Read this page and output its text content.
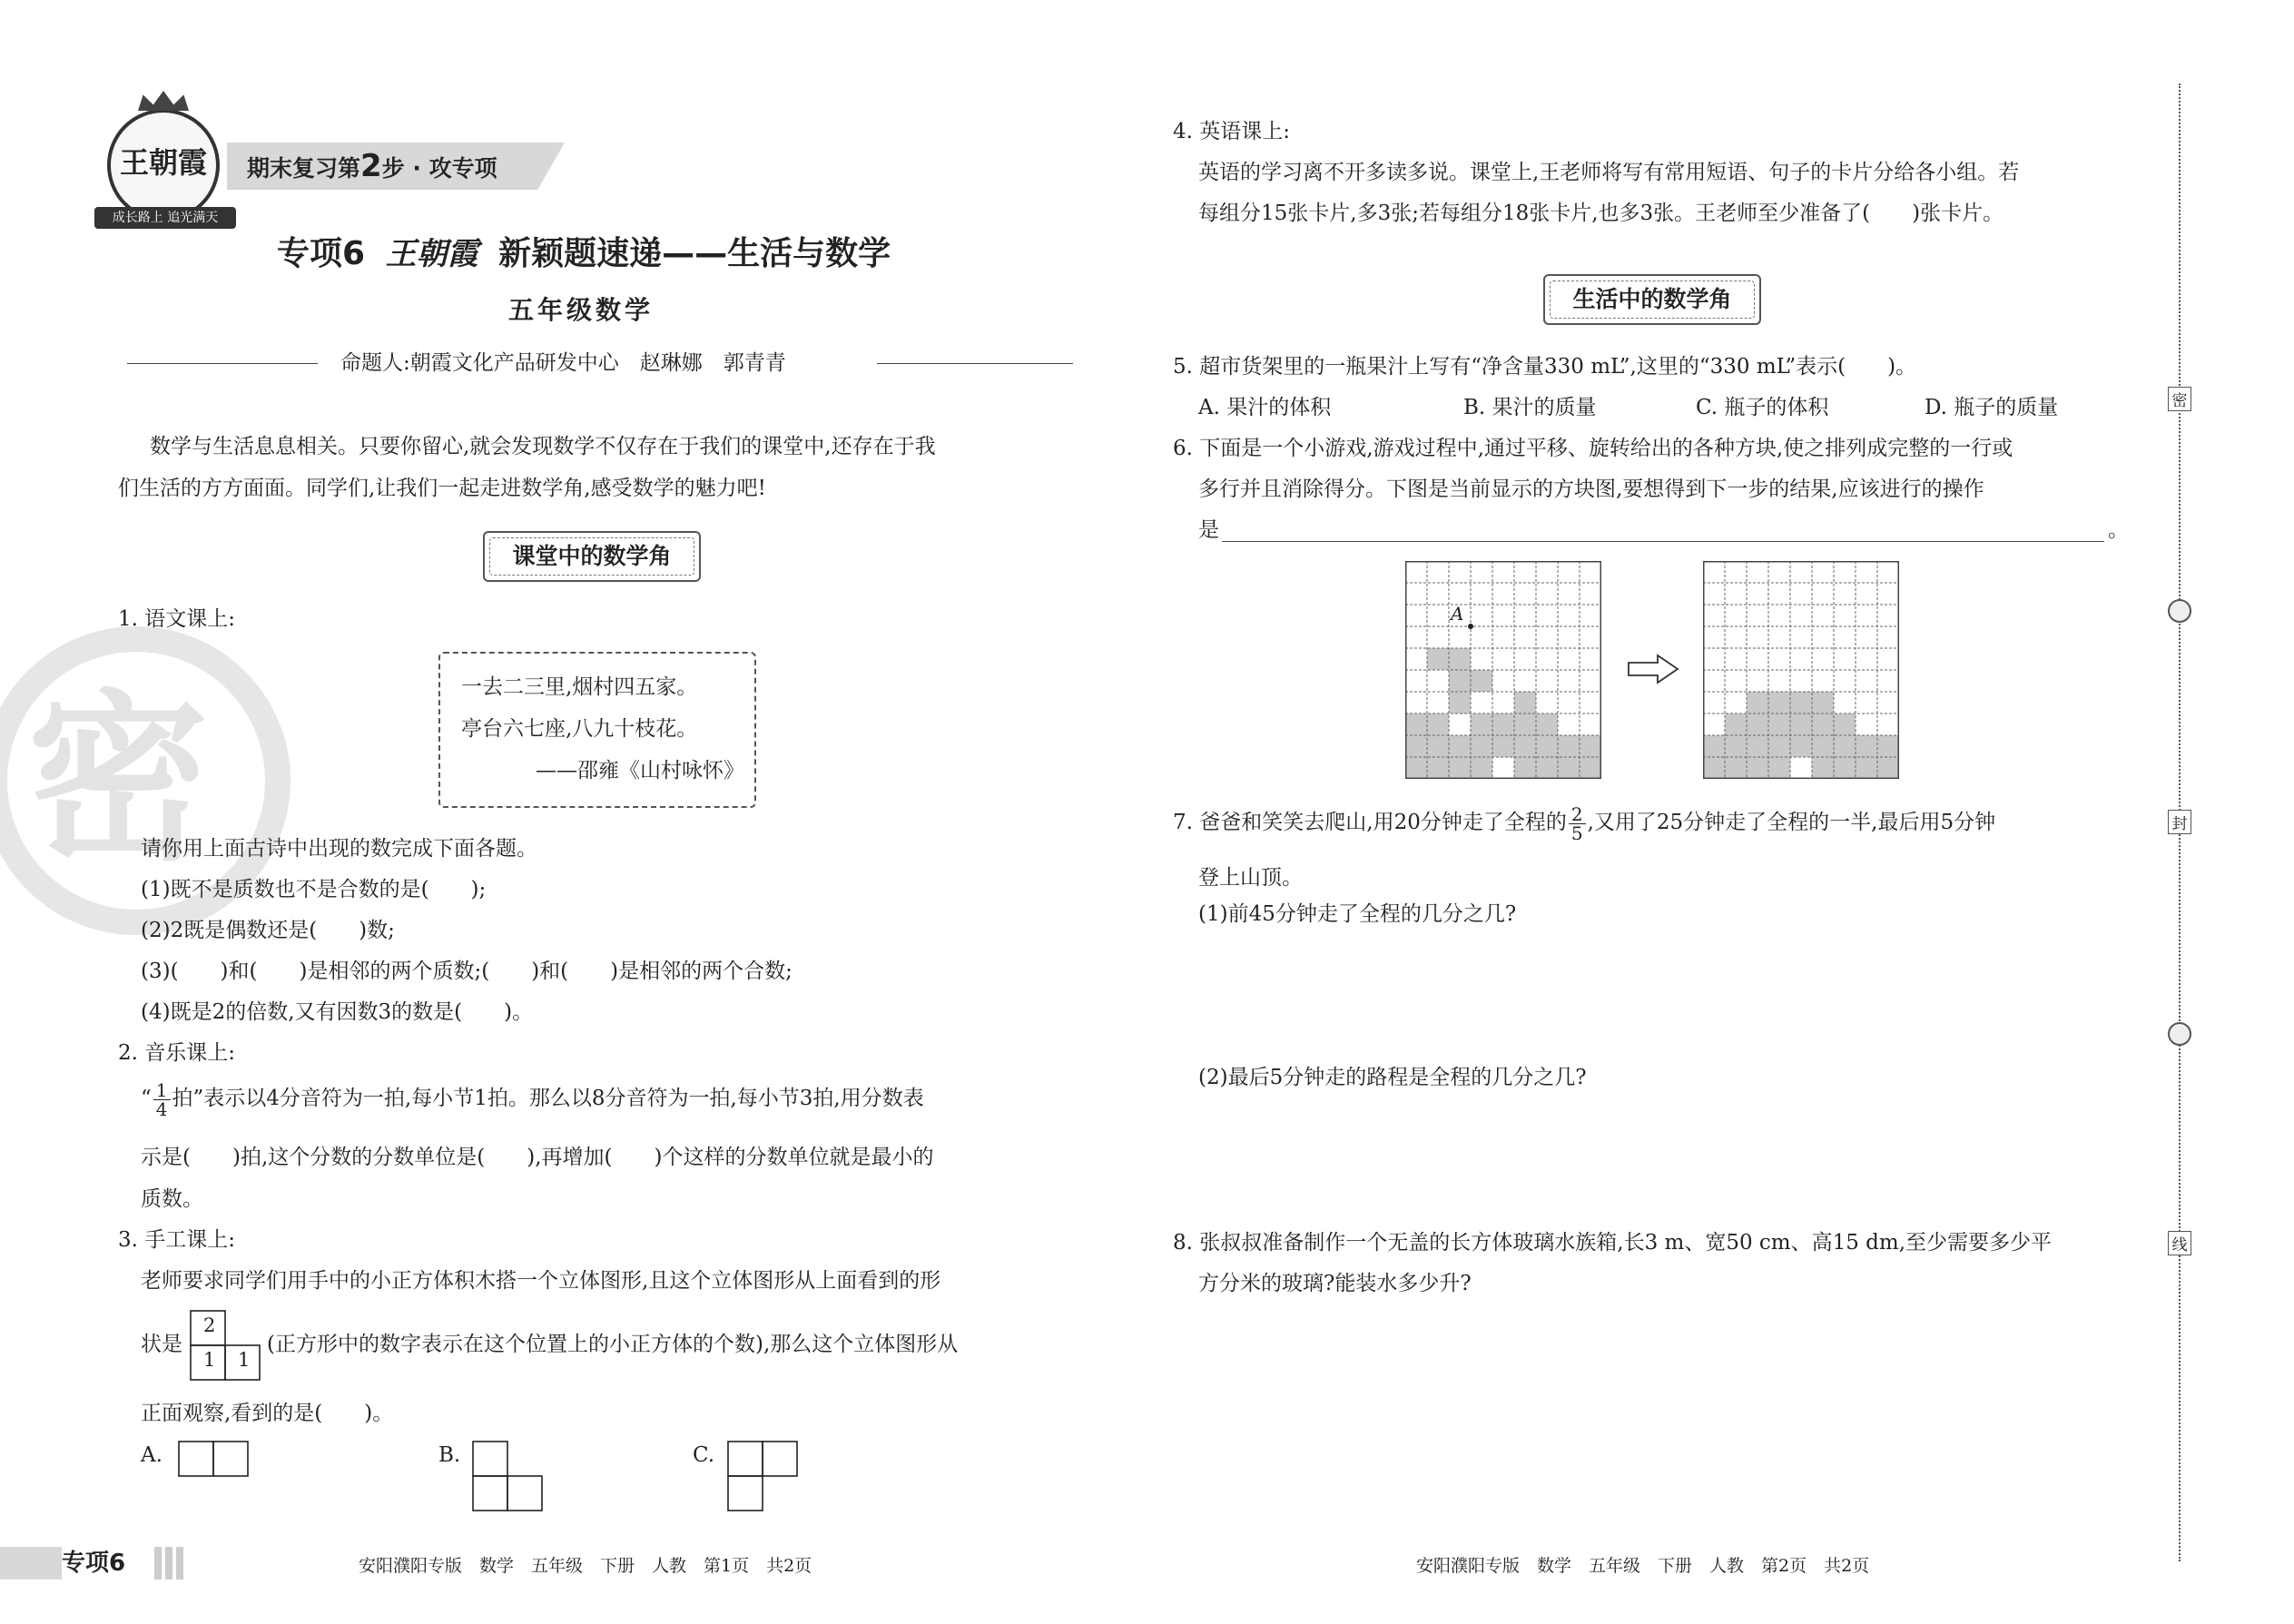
密
王朝霞
成长路上 追光满天
期末复习第2步 · 攻专项
专项6 王朝霞 新颖题速递——生活与数学
五年级数学
命题人:朝霞文化产品研发中心　赵琳娜　郭青青
数学与生活息息相关。只要你留心,就会发现数学不仅存在于我们的课堂中,还存在于我
们生活的方方面面。同学们,让我们一起走进数学角,感受数学的魅力吧!
课堂中的数学角
1. 语文课上:
一去二三里,烟村四五家。
亭台六七座,八九十枝花。
——邵雍《山村咏怀》
请你用上面古诗中出现的数完成下面各题。
(1)既不是质数也不是合数的是(　　);
(2)2既是偶数还是(　　)数;
(3)(　　)和(　　)是相邻的两个质数;(　　)和(　　)是相邻的两个合数;
(4)既是2的倍数,又有因数3的数是(　　)。
2. 音乐课上:
“ $\frac{1}{4}$ 拍”表示以4分音符为一拍,每小节1拍。那么以8分音符为一拍,每小节3拍,用分数表
示是(　　)拍,这个分数的分数单位是(　　),再增加(　　)个这样的分数单位就是最小的
质数。
3. 手工课上:
老师要求同学们用手中的小正方体积木搭一个立体图形,且这个立体图形从上面看到的形
状是
2
1 1
(正方形中的数字表示在这个位置上的小正方体的个数),那么这个立体图形从
正面观察,看到的是(　　)。
A.	B.	C.
专项6	安阳濮阳专版　数学　五年级　下册　人教　第1页　共2页
4. 英语课上:
英语的学习离不开多读多说。课堂上,王老师将写有常用短语、句子的卡片分给各小组。若
每组分15张卡片,多3张;若每组分18张卡片,也多3张。王老师至少准备了(　　)张卡片。
生活中的数学角
5. 超市货架里的一瓶果汁上写有“净含量330 mL”,这里的“330 mL”表示(　　)。
A. 果汁的体积	B. 果汁的质量	C. 瓶子的体积	D. 瓶子的质量
6. 下面是一个小游戏,游戏过程中,通过平移、旋转给出的各种方块,使之排列成完整的一行或
多行并且消除得分。下图是当前显示的方块图,要想得到下一步的结果,应该进行的操作
是	。
A
7. 爸爸和笑笑去爬山,用20分钟走了全程的 $\frac{2}{5}$ ,又用了25分钟走了全程的一半,最后用5分钟
登上山顶。
(1)前45分钟走了全程的几分之几?
(2)最后5分钟走的路程是全程的几分之几?
8. 张叔叔准备制作一个无盖的长方体玻璃水族箱,长3 m、宽50 cm、高15 dm,至少需要多少平
方分米的玻璃?能装水多少升?
安阳濮阳专版　数学　五年级　下册　人教　第2页　共2页
密
封
线
